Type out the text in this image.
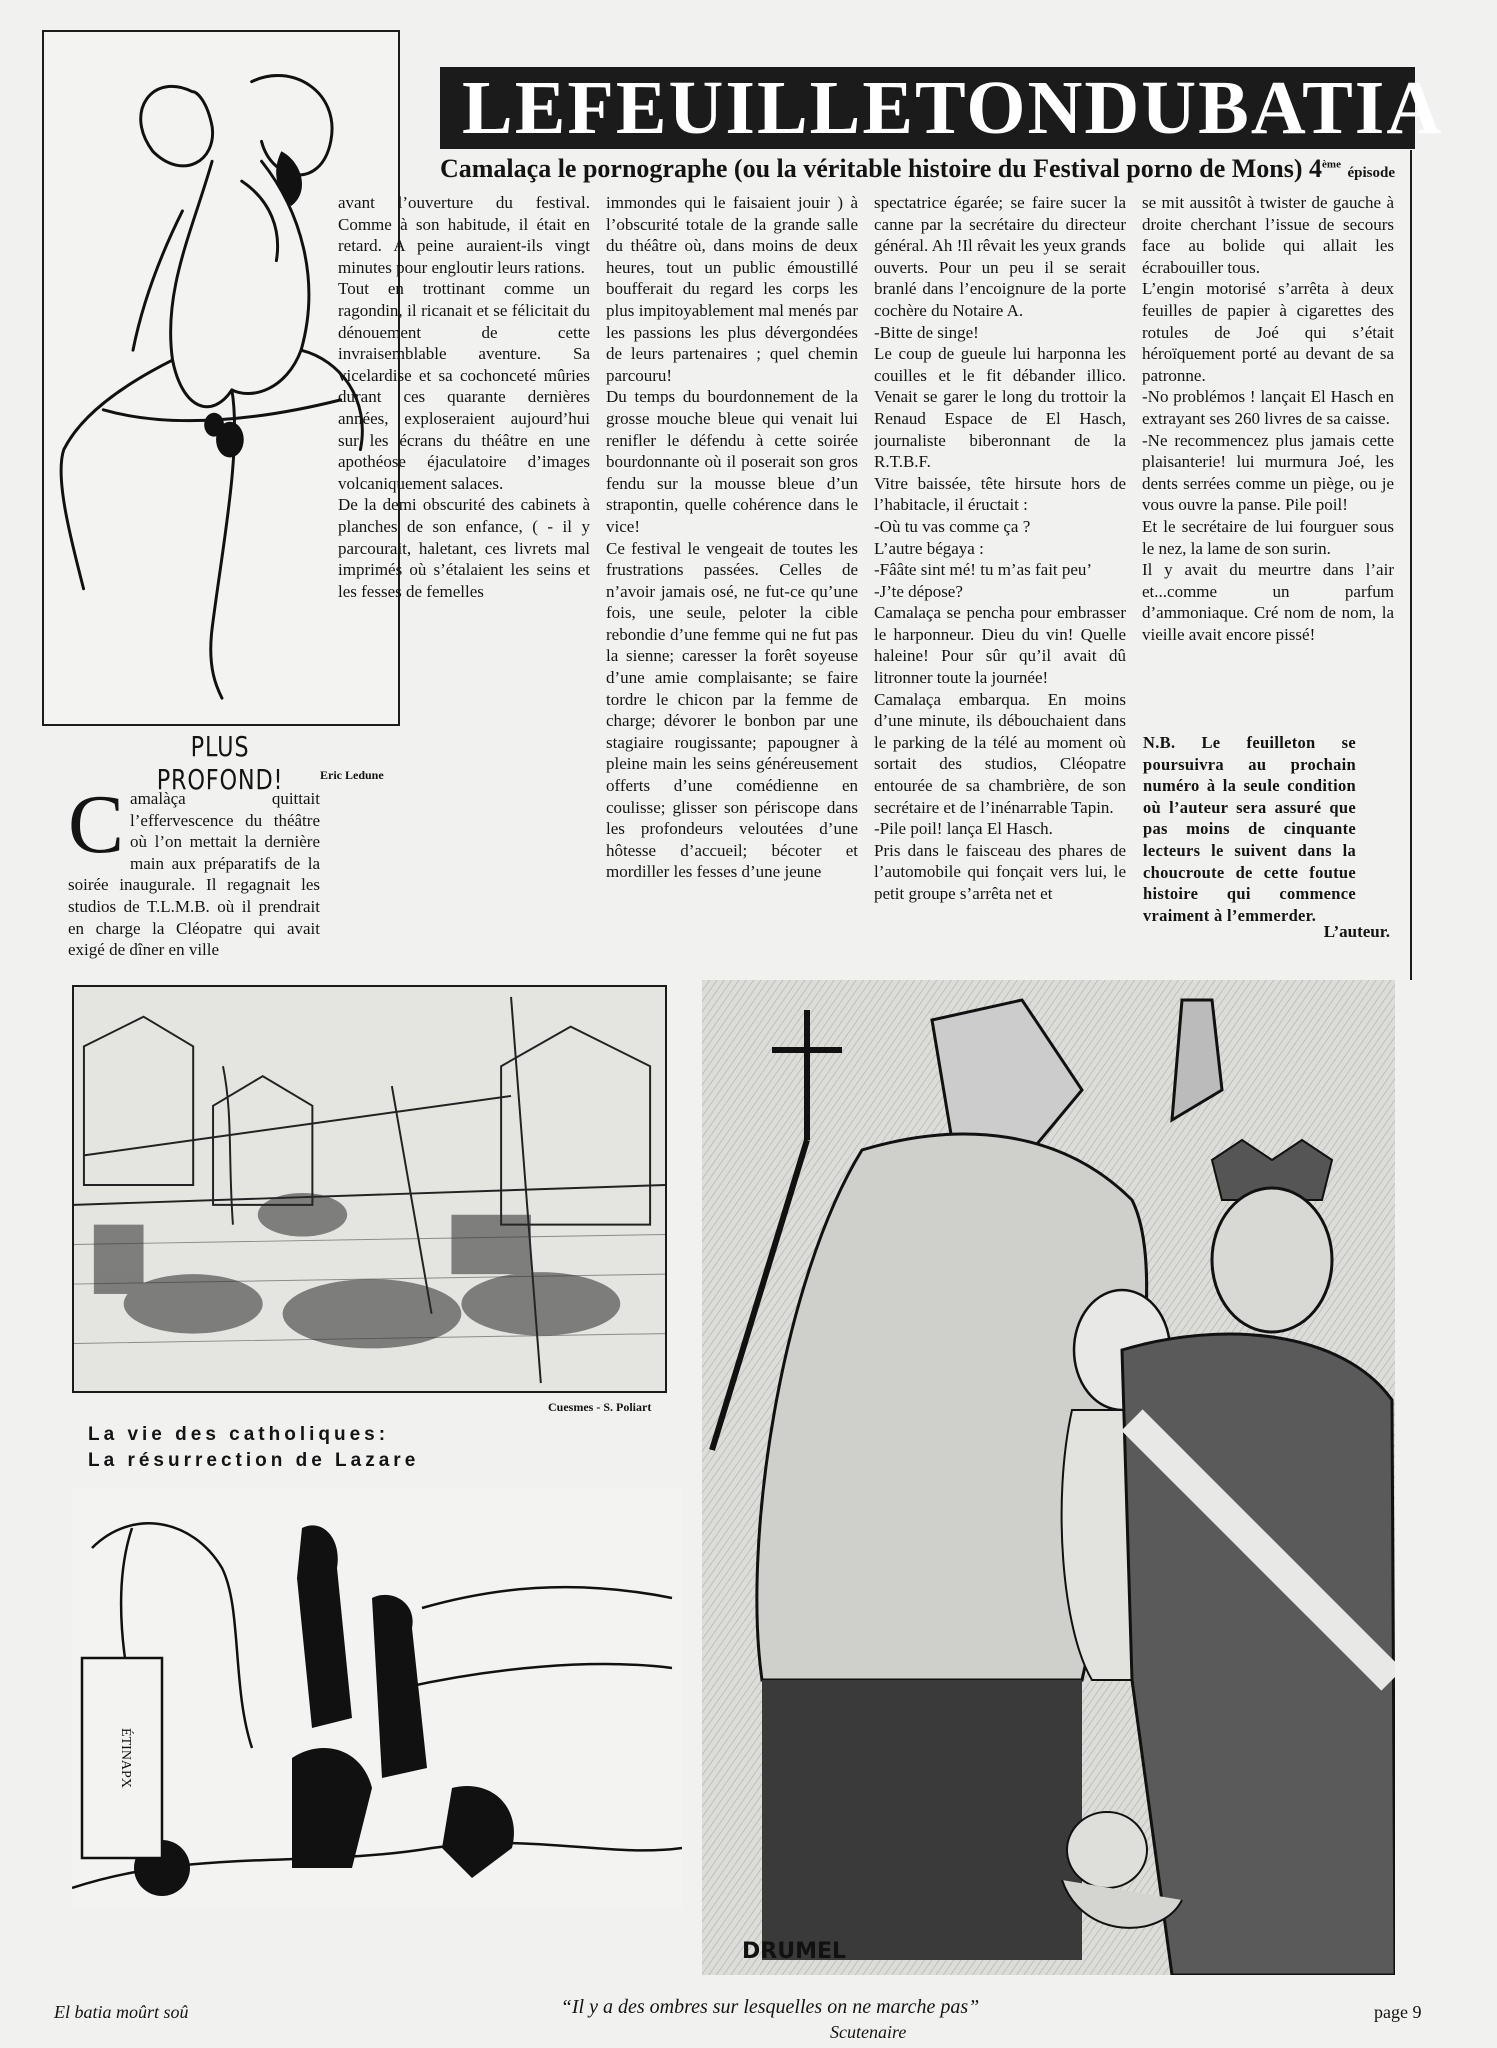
LE FEUILLETON DU BATIA
Camalaça le pornographe (ou la véritable histoire du Festival porno de Mons) 4ème épisode
PLUS PROFOND!	Eric Ledune
Camalàça quittait l’effervescence du théâtre où l’on mettait la dernière main aux préparatifs de la soirée inaugurale. Il regagnait les studios de T.L.M.B. où il prendrait en charge la Cléopatre qui avait exigé de dîner en ville
avant l’ouverture du festival. Comme à son habitude, il était en retard. A peine auraient-ils vingt minutes pour engloutir leurs rations.
Tout en trottinant comme un ragondin, il ricanait et se félicitait du dénouement de cette invraisemblable aventure. Sa vicelardise et sa cochonceté mûries durant ces quarante dernières années, exploseraient aujourd’hui sur les écrans du théâtre en une apothéose éjaculatoire d’images volcaniquement salaces.
De la demi obscurité des cabinets à planches de son enfance, ( - il y parcourait, haletant, ces livrets mal imprimés où s’étalaient les seins et les fesses de femelles
immondes qui le faisaient jouir ) à l’obscurité totale de la grande salle du théâtre où, dans moins de deux heures, tout un public émoustillé boufferait du regard les corps les plus impitoyablement mal menés par les passions les plus dévergondées de leurs partenaires ; quel chemin parcouru!
Du temps du bourdonnement de la grosse mouche bleue qui venait lui renifler le défendu à cette soirée bourdonnante où il poserait son gros fendu sur la mousse bleue d’un strapontin, quelle cohérence dans le vice!
Ce festival le vengeait de toutes les frustrations passées. Celles de n’avoir jamais osé, ne fut-ce qu’une fois, une seule, peloter la cible rebondie d’une femme qui ne fut pas la sienne; caresser la forêt soyeuse d’une amie complaisante; se faire tordre le chicon par la femme de charge; dévorer le bonbon par une stagiaire rougissante; papougner à pleine main les seins généreusement offerts d’une comédienne en coulisse; glisser son périscope dans les profondeurs veloutées d’une hôtesse d’accueil; bécoter et mordiller les fesses d’une jeune
spectatrice égarée; se faire sucer la canne par la secrétaire du directeur général. Ah !Il rêvait les yeux grands ouverts. Pour un peu il se serait branlé dans l’encoignure de la porte cochère du Notaire A.
-Bitte de singe!
Le coup de gueule lui harponna les couilles et le fit débander illico. Venait se garer le long du trottoir la Renaud Espace de El Hasch, journaliste biberonnant de la R.T.B.F.
Vitre baissée, tête hirsute hors de l’habitacle, il éructait :
-Où tu vas comme ça ?
L’autre bégaya :
-Fââte sint mé! tu m’as fait peu’
-J’te dépose?
Camalaça se pencha pour embrasser le harponneur. Dieu du vin! Quelle haleine! Pour sûr qu’il avait dû litronner toute la journée!
Camalaça embarqua. En moins d’une minute, ils débouchaient dans le parking de la télé au moment où sortait des studios, Cléopatre entourée de sa chambrière, de son secrétaire et de l’inénarrable Tapin.
-Pile poil! lança El Hasch.
Pris dans le faisceau des phares de l’automobile qui fonçait vers lui, le petit groupe s’arrêta net et
se mit aussitôt à twister de gauche à droite cherchant l’issue de secours face au bolide qui allait les écrabouiller tous.
L’engin motorisé s’arrêta à deux feuilles de papier à cigarettes des rotules de Joé qui s’était héroïquement porté au devant de sa patronne.
-No problémos ! lançait El Hasch en extrayant ses 260 livres de sa caisse.
-Ne recommencez plus jamais cette plaisanterie! lui murmura Joé, les dents serrées comme un piège, ou je vous ouvre la panse. Pile poil!
Et le secrétaire de lui fourguer sous le nez, la lame de son surin.
Il y avait du meurtre dans l’air et...comme un parfum d’ammoniaque. Cré nom de nom, la vieille avait encore pissé!
N.B. Le feuilleton se poursuivra au prochain numéro à la seule condition où l’auteur sera assuré que pas moins de cinquante lecteurs le suivent dans la choucroute de cette foutue histoire qui commence vraiment à l’emmerder.
L’auteur.
Cuesmes - S. Poliart
La vie des catholiques:
La résurrection de Lazare
ÉTINAPX
DRUMEL
El batia moûrt soû	“Il y a des ombres sur lesquelles on ne marche pas”
Scutenaire
page 9
